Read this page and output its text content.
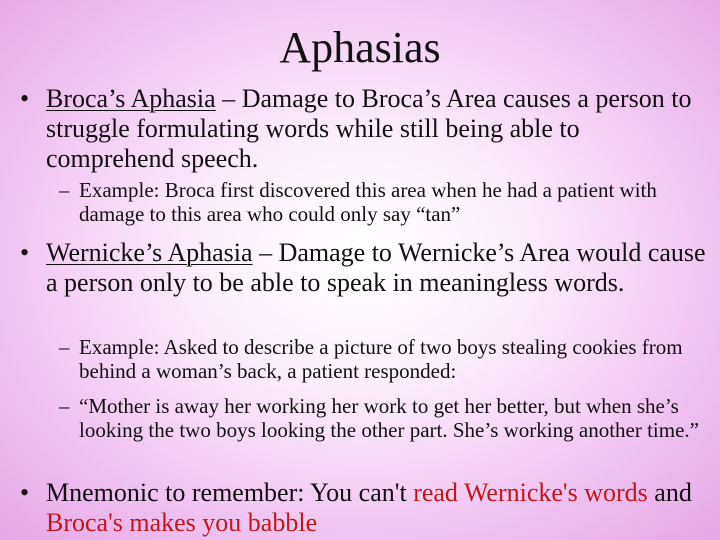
Aphasias
• Broca’s Aphasia – Damage to Broca’s Area causes a person to struggle formulating words while still being able to comprehend speech.
– Example: Broca first discovered this area when he had a patient with damage to this area who could only say “tan”
• Wernicke’s Aphasia – Damage to Wernicke’s Area would cause a person only to be able to speak in meaningless words.
– Example: Asked to describe a picture of two boys stealing cookies from behind a woman’s back, a patient responded:
– “Mother is away her working her work to get her better, but when she’s looking the two boys looking the other part. She’s working another time.”
• Mnemonic to remember: You can't read Wernicke's words and Broca's makes you babble
